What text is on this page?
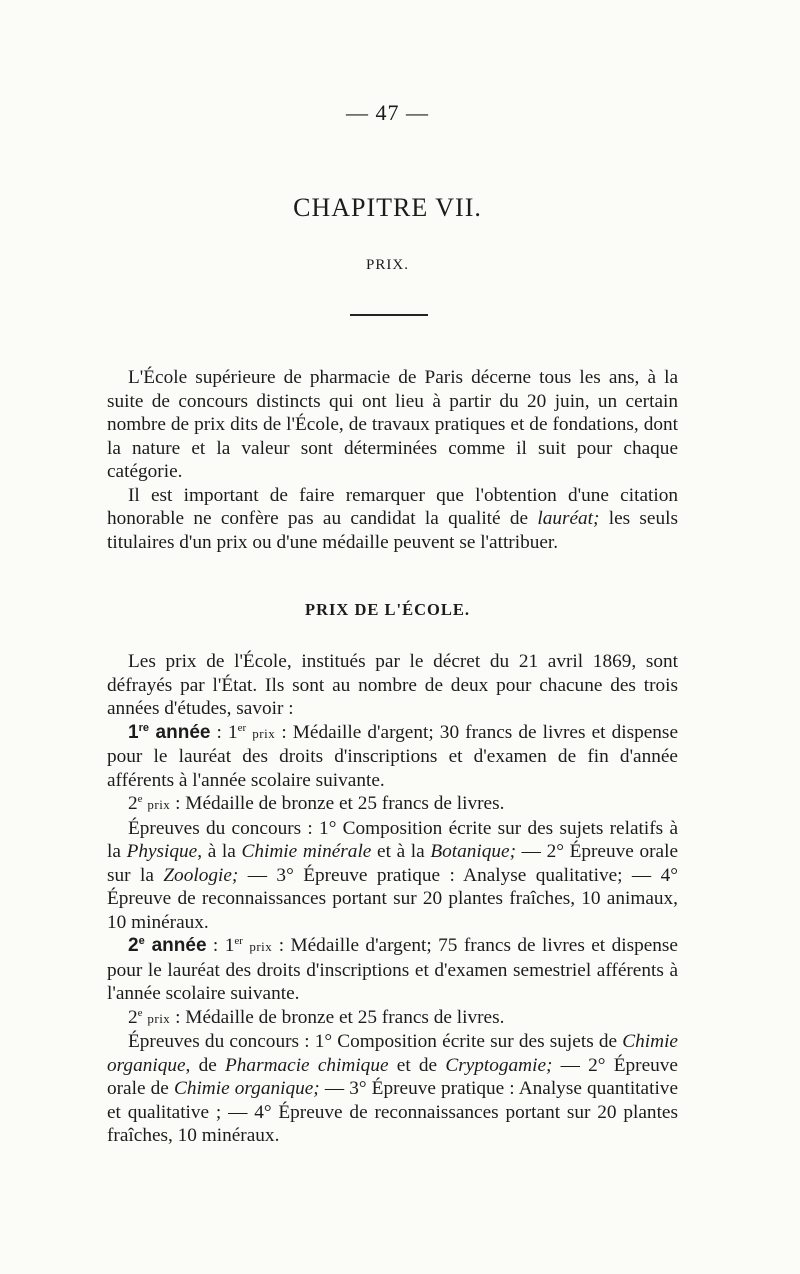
— 47 —
CHAPITRE VII.
PRIX.

L'École supérieure de pharmacie de Paris décerne tous les ans, à la suite de concours distincts qui ont lieu à partir du 20 juin, un certain nombre de prix dits de l'École, de travaux pratiques et de fondations, dont la nature et la valeur sont déterminées comme il suit pour chaque catégorie.

Il est important de faire remarquer que l'obtention d'une citation honorable ne confère pas au candidat la qualité de lauréat; les seuls titulaires d'un prix ou d'une médaille peuvent se l'attribuer.

PRIX DE L'ÉCOLE.

Les prix de l'École, institués par le décret du 21 avril 1869, sont défrayés par l'État. Ils sont au nombre de deux pour chacune des trois années d'études, savoir :

1re année : 1er prix : Médaille d'argent; 30 francs de livres et dispense pour le lauréat des droits d'inscriptions et d'examen de fin d'année afférents à l'année scolaire suivante.

2e prix : Médaille de bronze et 25 francs de livres.

Épreuves du concours : 1° Composition écrite sur des sujets relatifs à la Physique, à la Chimie minérale et à la Botanique; — 2° Épreuve orale sur la Zoologie; — 3° Épreuve pratique : Analyse qualitative; — 4° Épreuve de reconnaissances portant sur 20 plantes fraîches, 10 animaux, 10 minéraux.

2e année : 1er prix : Médaille d'argent; 75 francs de livres et dispense pour le lauréat des droits d'inscriptions et d'examen semestriel afférents à l'année scolaire suivante.

2e prix : Médaille de bronze et 25 francs de livres.

Épreuves du concours : 1° Composition écrite sur des sujets de Chimie organique, de Pharmacie chimique et de Cryptogamie; — 2° Épreuve orale de Chimie organique; — 3° Épreuve pratique : Analyse quantitative et qualitative ; — 4° Épreuve de reconnaissances portant sur 20 plantes fraîches, 10 minéraux.
